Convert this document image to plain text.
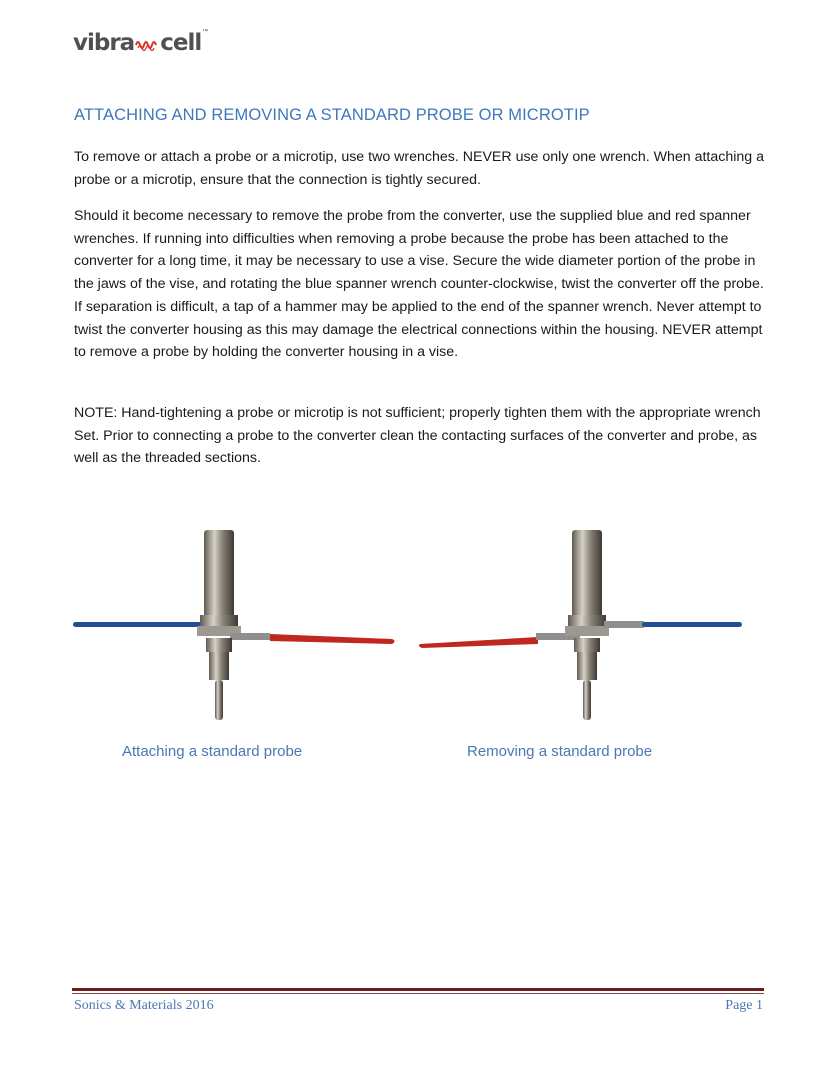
vibra cell ™
ATTACHING AND REMOVING A STANDARD PROBE OR MICROTIP

To remove or attach a probe or a microtip, use two wrenches. NEVER use only one wrench. When attaching a probe or a microtip, ensure that the connection is tightly secured.

Should it become necessary to remove the probe from the converter, use the supplied blue and red spanner wrenches. If running into difficulties when removing a probe because the probe has been attached to the converter for a long time, it may be necessary to use a vise. Secure the wide diameter portion of the probe in the jaws of the vise, and rotating the blue spanner wrench counter-clockwise, twist the converter off the probe. If separation is difficult, a tap of a hammer may be applied to the end of the spanner wrench. Never attempt to twist the converter housing as this may damage the electrical connections within the housing. NEVER attempt to remove a probe by holding the converter housing in a vise.

NOTE: Hand-tightening a probe or microtip is not sufficient; properly tighten them with the appropriate wrench Set. Prior to connecting a probe to the converter clean the contacting surfaces of the converter and probe, as well as the threaded sections.

Attaching a standard probe	Removing a standard probe
Sonics & Materials 2016	Page 1
